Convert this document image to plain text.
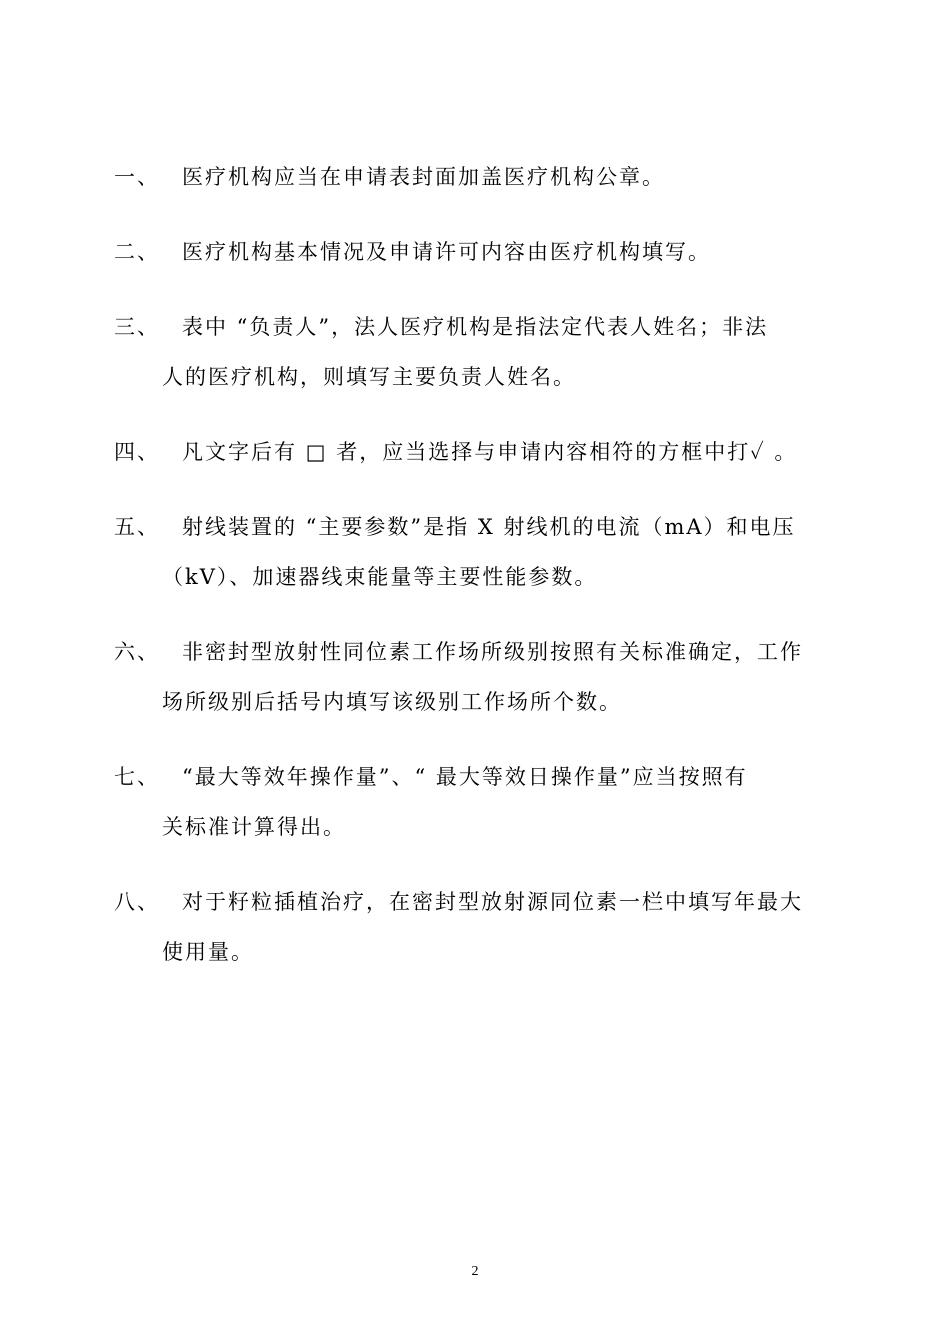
一、	医疗机构应当在申请表封面加盖医疗机构公章。
二、	医疗机构基本情况及申请许可内容由医疗机构填写。
三、	表中 “负责人”，法人医疗机构是指法定代表人姓名；非法
人的医疗机构，则填写主要负责人姓名。
四、	凡文字后有 □ 者，应当选择与申请内容相符的方框中打✓ 。
五、	射线装置的 “主要参数”是指 X 射线机的电流（mA）和电压
（kV）、加速器线束能量等主要性能参数。
六、	非密封型放射性同位素工作场所级别按照有关标准确定，工作
场所级别后括号内填写该级别工作场所个数。
七、	“最大等效年操作量”、“ 最大等效日操作量”应当按照有
关标准计算得出。
八、	对于籽粒插植治疗，在密封型放射源同位素一栏中填写年最大
使用量。
2
